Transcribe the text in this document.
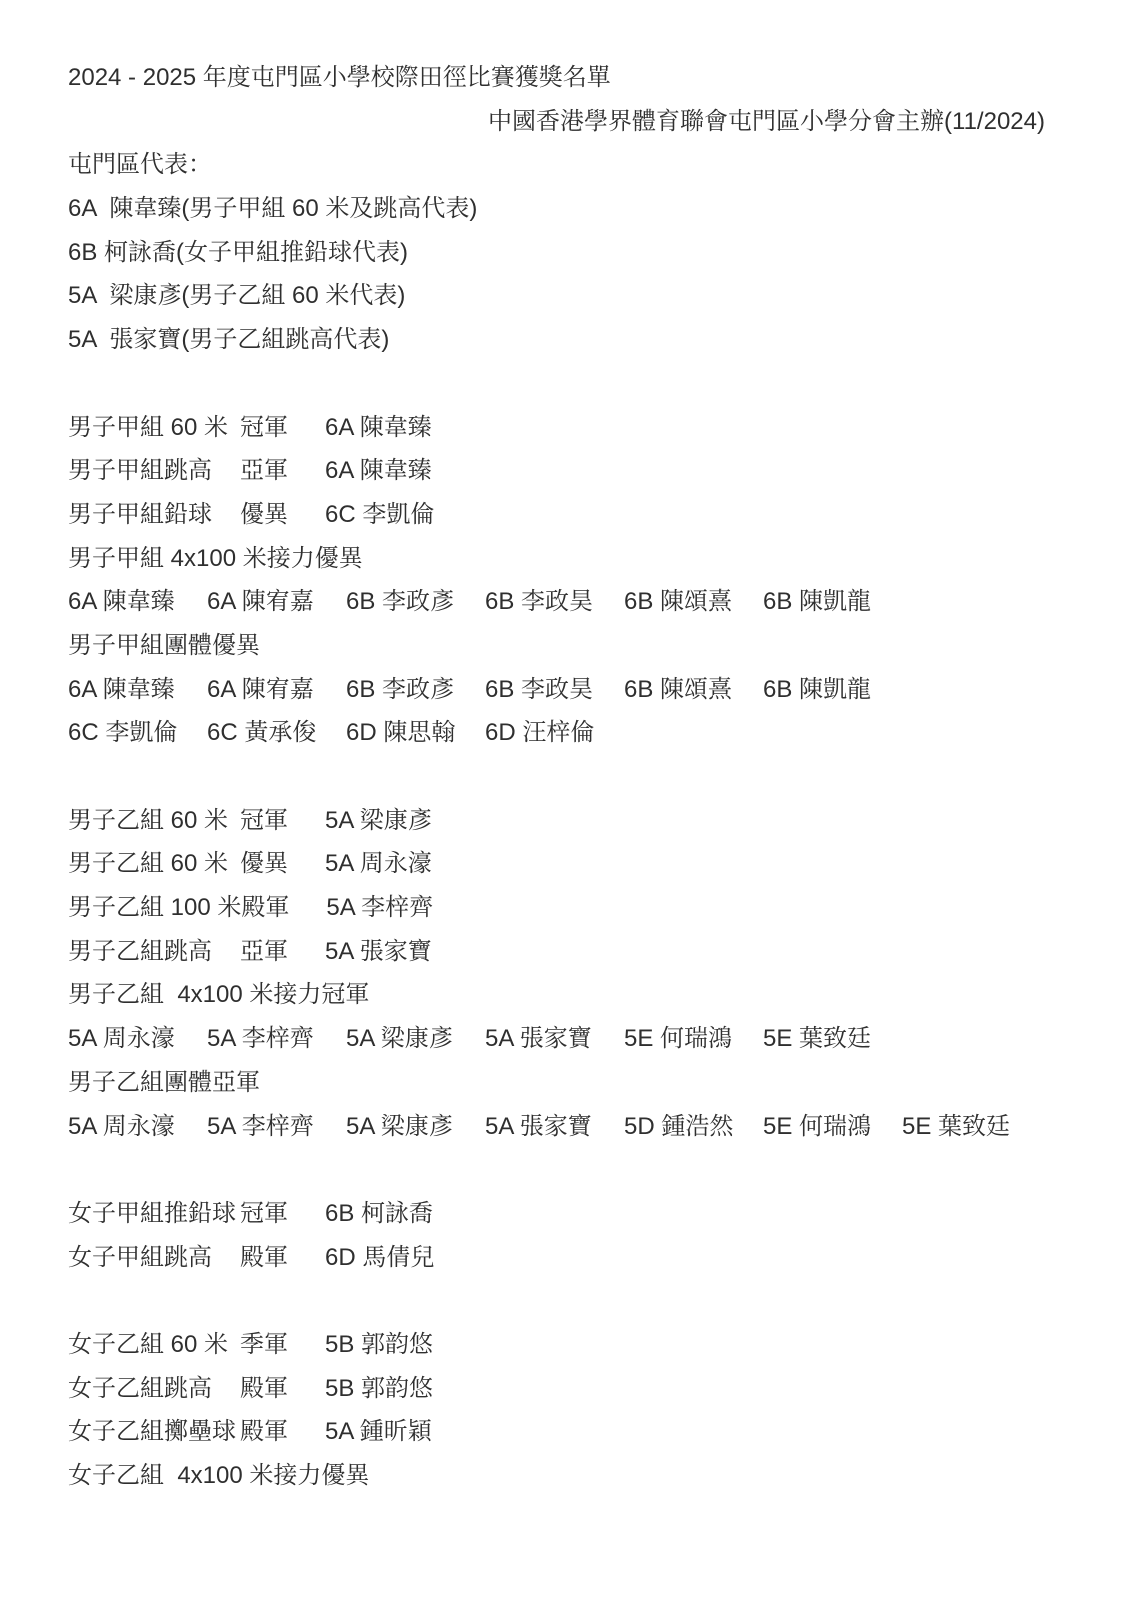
2024 - 2025 年度屯門區小學校際田徑比賽獲獎名單
中國香港學界體育聯會屯門區小學分會主辦(11/2024)
屯門區代表：
6A  陳韋臻(男子甲組 60 米及跳高代表)
6B 柯詠喬(女子甲組推鉛球代表)
5A  梁康彥(男子乙組 60 米代表)
5A  張家寶(男子乙組跳高代表)
男子甲組 60 米 冠軍	6A 陳韋臻
男子甲組跳高	亞軍	6A 陳韋臻
男子甲組鉛球	優異	6C 李凱倫
男子甲組 4x100 米接力優異
6A 陳韋臻	6A 陳宥嘉	6B 李政彥	6B 李政昊	6B 陳頌熹	6B 陳凱龍
男子甲組團體優異
6A 陳韋臻	6A 陳宥嘉	6B 李政彥	6B 李政昊	6B 陳頌熹	6B 陳凱龍
6C 李凱倫	6C 黃承俊	6D 陳思翰	6D 汪梓倫
男子乙組 60 米 冠軍	5A 梁康彥
男子乙組 60 米 優異	5A 周永濠
男子乙組 100 米 殿軍	5A 李梓齊
男子乙組跳高	亞軍	5A 張家寶
男子乙組  4x100 米接力冠軍
5A 周永濠	5A 李梓齊	5A 梁康彥	5A 張家寶	5E 何瑞鴻	5E 葉致廷
男子乙組團體亞軍
5A 周永濠	5A 李梓齊	5A 梁康彥	5A 張家寶	5D 鍾浩然	5E 何瑞鴻	5E 葉致廷
女子甲組推鉛球 冠軍	6B 柯詠喬
女子甲組跳高	殿軍	6D 馬倩兒
女子乙組 60 米 季軍	5B 郭韵悠
女子乙組跳高	殿軍	5B 郭韵悠
女子乙組擲壘球 殿軍	5A 鍾昕穎
女子乙組  4x100 米接力優異
